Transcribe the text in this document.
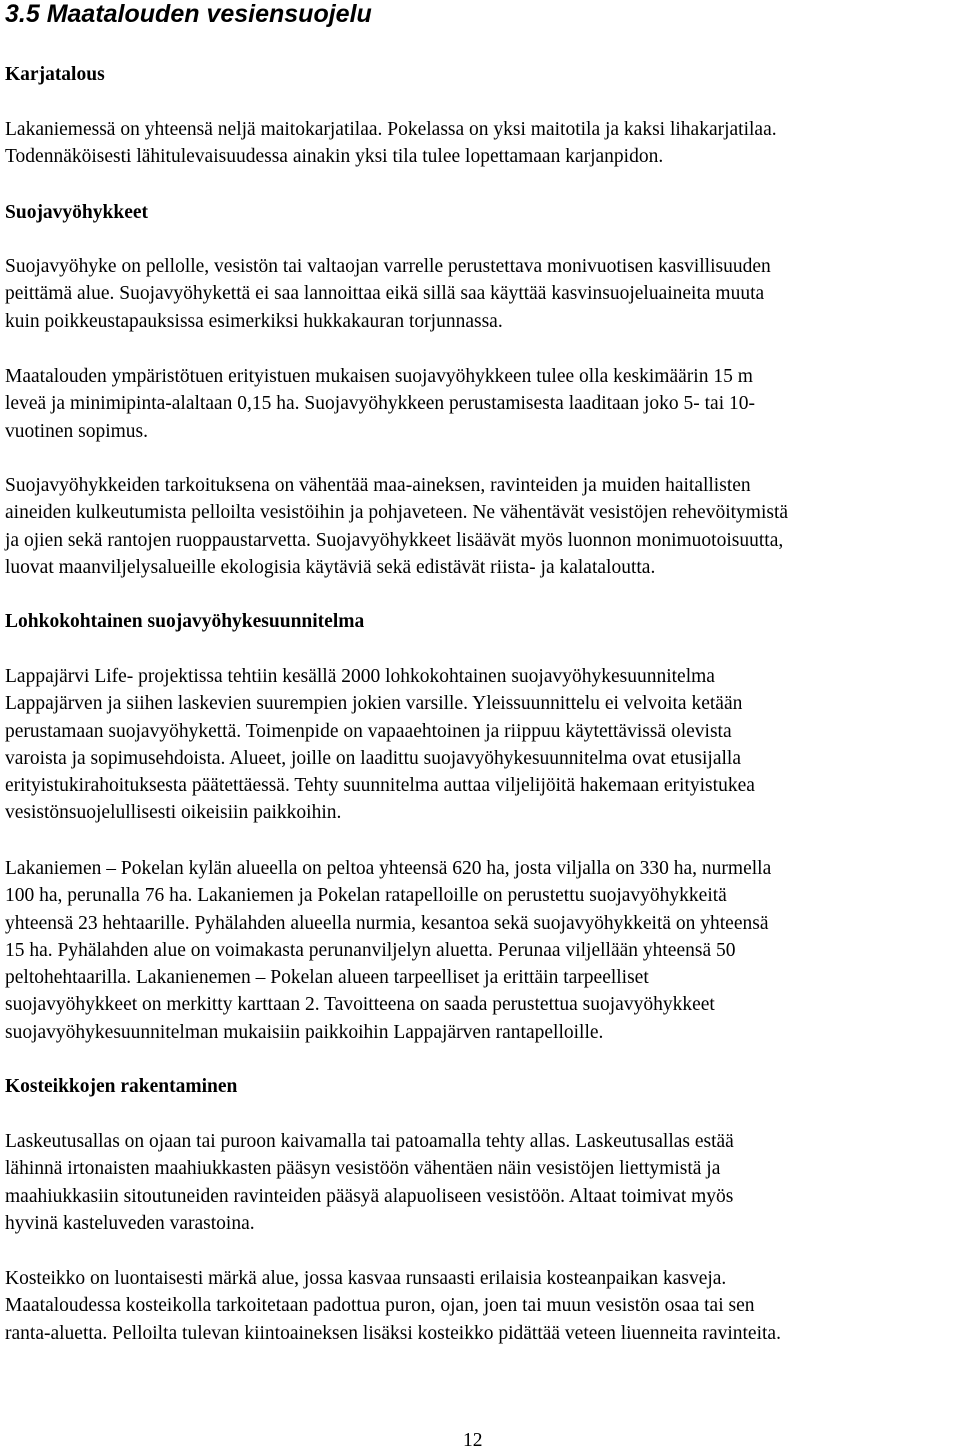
3.5 Maatalouden vesiensuojelu
Karjatalous
Lakaniemessä on yhteensä neljä maitokarjatilaa. Pokelassa on yksi maitotila ja kaksi lihakarjatilaa.
Todennäköisesti lähitulevaisuudessa ainakin yksi tila tulee lopettamaan karjanpidon.
Suojavyöhykkeet
Suojavyöhyke on pellolle, vesistön tai valtaojan varrelle perustettava monivuotisen kasvillisuuden
peittämä alue. Suojavyöhykettä ei saa lannoittaa eikä sillä saa käyttää kasvinsuojeluaineita muuta
kuin poikkeustapauksissa esimerkiksi hukkakauran torjunnassa.
Maatalouden ympäristötuen erityistuen mukaisen suojavyöhykkeen tulee olla keskimäärin 15 m
leveä ja minimipinta-alaltaan 0,15 ha. Suojavyöhykkeen perustamisesta laaditaan joko 5- tai 10-
vuotinen sopimus.
Suojavyöhykkeiden tarkoituksena on vähentää maa-aineksen, ravinteiden ja muiden haitallisten
aineiden kulkeutumista pelloilta vesistöihin ja pohjaveteen. Ne vähentävät vesistöjen rehevöitymistä
ja ojien sekä rantojen ruoppaustarvetta. Suojavyöhykkeet lisäävät myös luonnon monimuotoisuutta,
luovat maanviljelysalueille ekologisia käytäviä sekä edistävät riista- ja kalataloutta.
Lohkokohtainen suojavyöhykesuunnitelma
Lappajärvi Life- projektissa tehtiin kesällä 2000 lohkokohtainen suojavyöhykesuunnitelma
Lappajärven ja siihen laskevien suurempien jokien varsille. Yleissuunnittelu ei velvoita ketään
perustamaan suojavyöhykettä. Toimenpide on vapaaehtoinen ja riippuu käytettävissä olevista
varoista ja sopimusehdoista. Alueet, joille on laadittu suojavyöhykesuunnitelma ovat etusijalla
erityistukirahoituksesta päätettäessä. Tehty suunnitelma auttaa viljelijöitä hakemaan erityistukea
vesistönsuojelullisesti oikeisiin paikkoihin.
Lakaniemen – Pokelan kylän alueella on peltoa yhteensä 620 ha, josta viljalla on 330 ha, nurmella
100 ha, perunalla 76 ha. Lakaniemen ja Pokelan ratapelloille on perustettu suojavyöhykkeitä
yhteensä 23 hehtaarille. Pyhälahden alueella nurmia, kesantoa sekä suojavyöhykkeitä on yhteensä
15 ha. Pyhälahden alue on voimakasta perunanviljelyn aluetta. Perunaa viljellään yhteensä 50
peltohehtaarilla. Lakanienemen – Pokelan alueen tarpeelliset ja erittäin tarpeelliset
suojavyöhykkeet on merkitty karttaan 2. Tavoitteena on saada perustettua suojavyöhykkeet
suojavyöhykesuunnitelman mukaisiin paikkoihin Lappajärven rantapelloille.
Kosteikkojen rakentaminen
Laskeutusallas on ojaan tai puroon kaivamalla tai patoamalla tehty allas. Laskeutusallas estää
lähinnä irtonaisten maahiukkasten pääsyn vesistöön vähentäen näin vesistöjen liettymistä ja
maahiukkasiin sitoutuneiden ravinteiden pääsyä alapuoliseen vesistöön. Altaat toimivat myös
hyvinä kasteluveden varastoina.
Kosteikko on luontaisesti märkä alue, jossa kasvaa runsaasti erilaisia kosteanpaikan kasveja.
Maataloudessa kosteikolla tarkoitetaan padottua puron, ojan, joen tai muun vesistön osaa tai sen
ranta-aluetta. Pelloilta tulevan kiintoaineksen lisäksi kosteikko pidättää veteen liuenneita ravinteita.
12
